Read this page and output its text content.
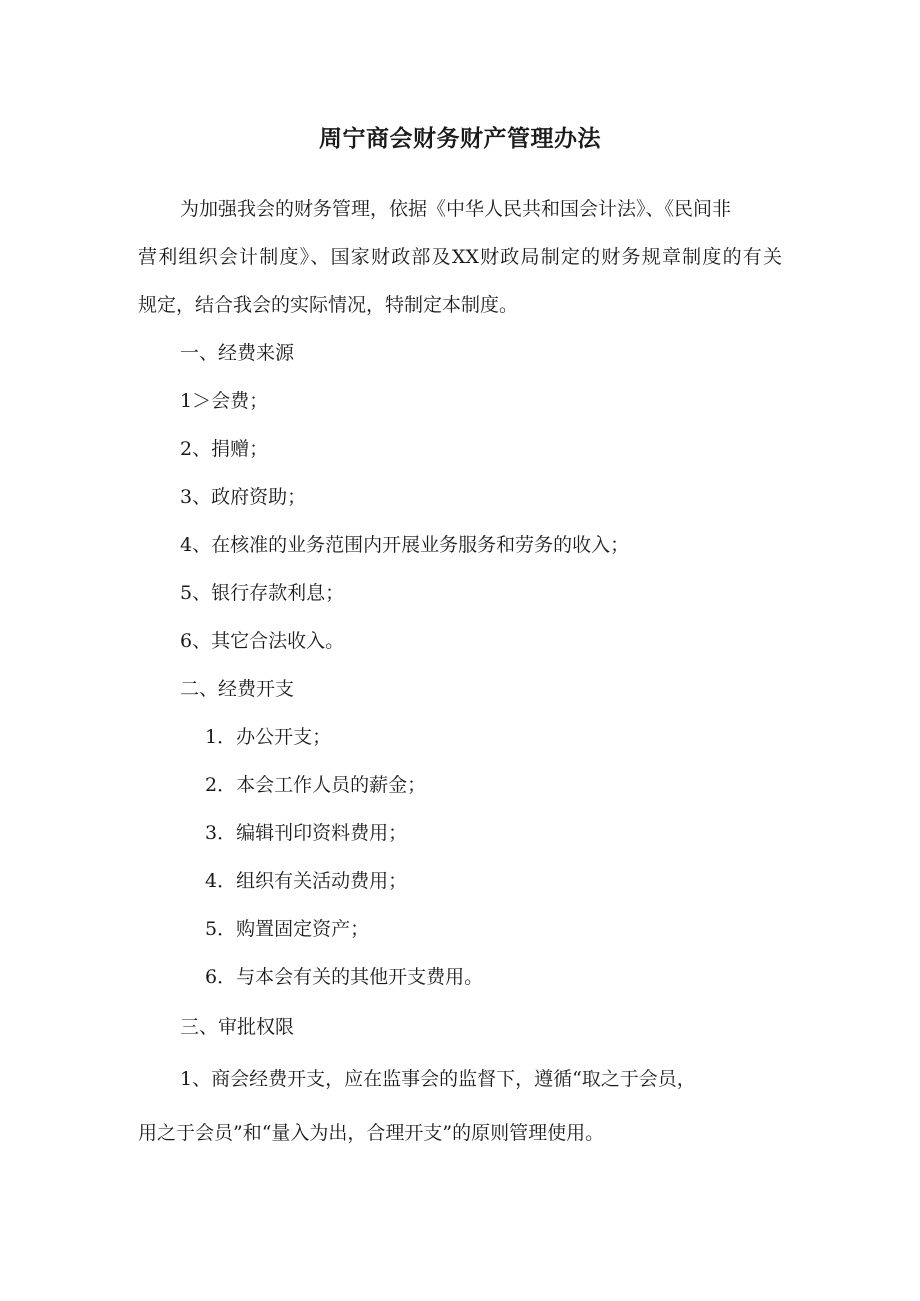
周宁商会财务财产管理办法
为加强我会的财务管理，依据《中华人民共和国会计法》、《民间非
营利组织会计制度》、国家财政部及XX财政局制定的财务规章制度的有关
规定，结合我会的实际情况，特制定本制度。
一、经费来源
1＞会费；
2、捐赠；
3、政府资助；
4、在核准的业务范围内开展业务服务和劳务的收入；
5、银行存款利息；
6、其它合法收入。
二、经费开支
1．办公开支；
2．本会工作人员的薪金；
3．编辑刊印资料费用；
4．组织有关活动费用；
5．购置固定资产；
6．与本会有关的其他开支费用。
三、审批权限
1、商会经费开支，应在监事会的监督下，遵循“取之于会员，
用之于会员”和“量入为出，合理开支”的原则管理使用。
